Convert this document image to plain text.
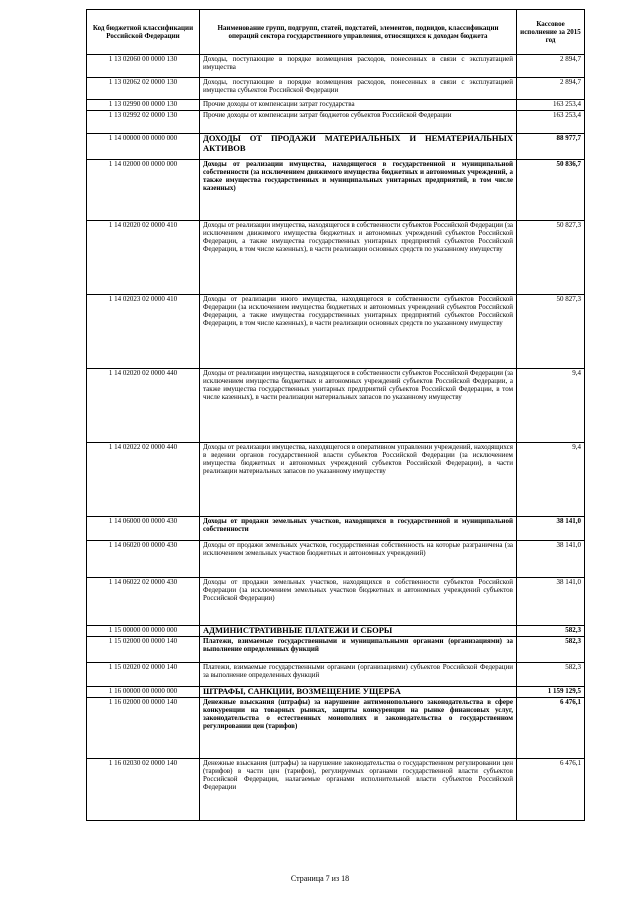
Код бюджетной классификации Российской Федерации	Наименование групп, подгрупп, статей, подстатей, элементов, подвидов, классификации операций сектора государственного управления, относящихся к доходам бюджета	Кассовое исполнение за 2015 год
1 13 02060 00 0000 130	Доходы, поступающие в порядке возмещения расходов, понесенных в связи с эксплуатацией имущества	2 894,7
1 13 02062 02 0000 130	Доходы, поступающие в порядке возмещения расходов, понесенных в связи с эксплуатацией имущества субъектов Российской Федерации	2 894,7
1 13 02990 00 0000 130	Прочие доходы от компенсации затрат государства	163 253,4
1 13 02992 02 0000 130	Прочие доходы от компенсации затрат бюджетов субъектов Российской Федерации	163 253,4
1 14 00000 00 0000 000	ДОХОДЫ ОТ ПРОДАЖИ МАТЕРИАЛЬНЫХ И НЕМАТЕРИАЛЬНЫХ АКТИВОВ	88 977,7
1 14 02000 00 0000 000	Доходы от реализации имущества, находящегося в государственной и муниципальной собственности (за исключением движимого имущества бюджетных и автономных учреждений, а также имущества государственных и муниципальных унитарных предприятий, в том числе казенных)	50 836,7
1 14 02020 02 0000 410	Доходы от реализации имущества, находящегося в собственности субъектов Российской Федерации (за исключением движимого имущества бюджетных и автономных учреждений субъектов Российской Федерации, а также имущества государственных унитарных предприятий субъектов Российской Федерации, в том числе казенных), в части реализации основных средств по указанному имуществу	50 827,3
1 14 02023 02 0000 410	Доходы от реализации иного имущества, находящегося в собственности субъектов Российской Федерации (за исключением имущества бюджетных и автономных учреждений субъектов Российской Федерации, а также имущества государственных унитарных предприятий субъектов Российской Федерации, в том числе казенных), в части реализации основных средств по указанному имуществу	50 827,3
1 14 02020 02 0000 440	Доходы от реализации имущества, находящегося в собственности субъектов Российской Федерации (за исключением имущества бюджетных и автономных учреждений субъектов Российской Федерации, а также имущества государственных унитарных предприятий субъектов Российской Федерации, в том числе казенных), в части реализации материальных запасов по указанному имуществу	9,4
1 14 02022 02 0000 440	Доходы от реализации имущества, находящегося в оперативном управлении учреждений, находящихся в ведении органов государственной власти субъектов Российской Федерации (за исключением имущества бюджетных и автономных учреждений субъектов Российской Федерации), в части реализации материальных запасов по указанному имуществу	9,4
1 14 06000 00 0000 430	Доходы от продажи земельных участков, находящихся в государственной и муниципальной собственности	38 141,0
1 14 06020 00 0000 430	Доходы от продажи земельных участков, государственная собственность на которые разграничена (за исключением земельных участков бюджетных и автономных учреждений)	38 141,0
1 14 06022 02 0000 430	Доходы от продажи земельных участков, находящихся в собственности субъектов Российской Федерации (за исключением земельных участков бюджетных и автономных учреждений субъектов Российской Федерации)	38 141,0
1 15 00000 00 0000 000	АДМИНИСТРАТИВНЫЕ ПЛАТЕЖИ И СБОРЫ	582,3
1 15 02000 00 0000 140	Платежи, взимаемые государственными и муниципальными органами (организациями) за выполнение определенных функций	582,3
1 15 02020 02 0000 140	Платежи, взимаемые государственными органами (организациями) субъектов Российской Федерации за выполнение определенных функций	582,3
1 16 00000 00 0000 000	ШТРАФЫ, САНКЦИИ, ВОЗМЕЩЕНИЕ УЩЕРБА	1 159 129,5
1 16 02000 00 0000 140	Денежные взыскания (штрафы) за нарушение антимонопольного законодательства в сфере конкуренции на товарных рынках, защиты конкуренции на рынке финансовых услуг, законодательства о естественных монополиях и законодательства о государственном регулировании цен (тарифов)	6 476,1
1 16 02030 02 0000 140	Денежные взыскания (штрафы) за нарушение законодательства о государственном регулировании цен (тарифов) в части цен (тарифов), регулируемых органами государственной власти субъектов Российской Федерации, налагаемые органами исполнительной власти субъектов Российской Федерации	6 476,1
Страница 7 из 18
